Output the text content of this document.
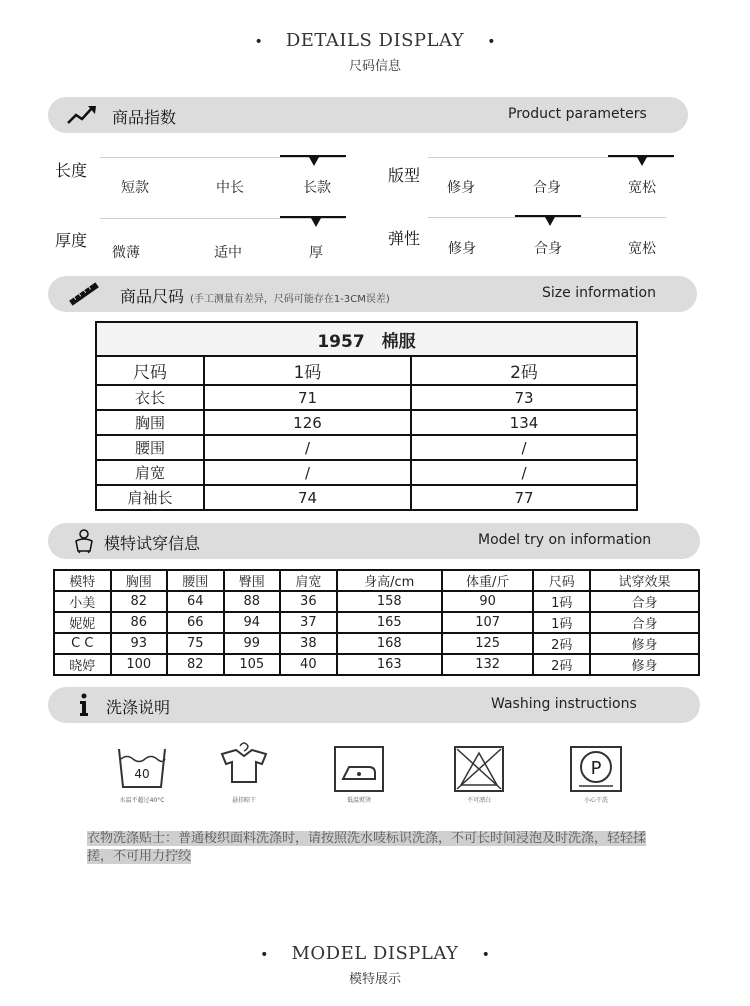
• DETAILS DISPLAY •
尺码信息
商品指数	Product parameters
长度
短款	中长	长款
版型
修身	合身	宽松
厚度
微薄	适中	厚
弹性
修身	合身	宽松
商品尺码 (手工测量有差异，尺码可能存在1-3CM误差)	Size information
1957　棉服		
尺码	1码	2码
衣长	71	73
胸围	126	134
腰围	/	/
肩宽	/	/
肩袖长	74	77
模特试穿信息	Model try on information
模特	胸围	腰围	臀围	肩宽	身高/cm	体重/斤	尺码	试穿效果
小美	82	64	88	36	158	90	1码	合身
妮妮	86	66	94	37	165	107	1码	合身
C C	93	75	99	38	168	125	2码	修身
晓婷	100	82	105	40	163	132	2码	修身
洗涤说明	Washing instructions
40
水温不超过40°C	悬挂晾干	低温熨烫	不可漂白
P
小心干洗
衣物洗涤贴士：普通梭织面料洗涤时，请按照洗水唛标识洗涤，不可长时间浸泡及时洗涤，轻轻揉搓，不可用力拧绞
• MODEL DISPLAY •
模特展示
